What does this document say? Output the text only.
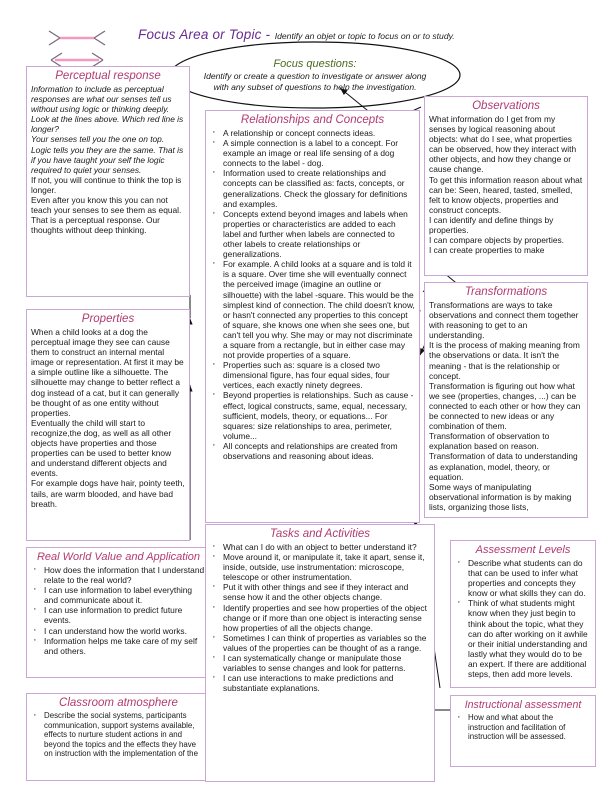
Focus Area or Topic - Identify an objet or topic to focus on or to study.
Focus questions:
Identify or create a question to investigate or answer along with any subset of questions to help the investigation.
Perceptual response

Information to include as perceptual responses are what our senses tell us without using logic or thinking deeply.

Look at the lines above. Which red line is longer?

Your senses tell you the one on top.

Logic tells you they are the same. That is if you have taught your self the logic required to quiet your senses.

If not, you will continue to think the top is longer.

Even after you know this you can not teach your senses to see them as equal. That is a perceptual response. Our thoughts without deep thinking.

Properties

When a child looks at a dog the perceptual image they see can cause them to construct an internal mental image or representation. At first it may be a simple outline like a silhouette. The silhouette may change to better reflect a dog instead of a cat, but it can generally be thought of as one entity without properties.

Eventually the child will start to recognize,the dog, as well as all other objects have properties and those properties can be used to better know and understand different objects and events.

For example dogs have hair, pointy teeth, tails, are warm blooded, and have bad breath.

Real World Value and Application
· How does the information that I understand relate to the real world?
· I can use information to label everything and communicate about it.
· I can use information to predict future events.
· I can understand how the world works.
· Information helps me take care of my self and others.
Classroom atmosphere
· Describe the social systems, participants communication, support systems available, effects to nurture student actions in and beyond the topics and the effects they have on instruction with the implementation of the
Relationships and Concepts
· A relationship or concept connects ideas.
· A simple connection is a label to a concept. For example an image or real life sensing of a dog connects to the label - dog.
· Information used to create relationships and concepts can be classified as: facts, concepts, or generalizations. Check the glossary for definitions and examples.
· Concepts extend beyond images and labels when properties or characteristics are added to each label and further when labels are connected to other labels to create relationships or generalizations.
· For example. A child looks at a square and is told it is a square. Over time she will eventually connect the perceived image (imagine an outline or silhouette) with the label -square. This would be the simplest kind of connection. The child doesn't know, or hasn't connected any properties to this concept of square, she knows one when she sees one, but can't tell you why. She may or may not discriminate a square from a rectangle, but in either case may not provide properties of a square.
· Properties such as: square is a closed two dimensional figure, has four equal sides, four vertices, each exactly ninety degrees.
· Beyond properties is relationships. Such as cause - effect, logical constructs, same, equal, necessary, sufficient, models, theory, or equations... For squares: size relationships to area, perimeter, volume...
· All concepts and relationships are created from observations and reasoning about ideas.
Tasks and Activities
· What can I do with an object to better understand it?
· Move around it, or manipulate it, take it apart, sense it, inside, outside, use instrumentation: microscope, telescope or other instrumentation.
· Put it with other things and see if they interact and sense how it and the other objects change.
· Identify properties and see how properties of the object change or if more than one object is interacting sense how properties of all the objects change.
· Sometimes I can think of properties as variables so the values of the properties can be thought of as a range.
· I can systematically change or manipulate those variables to sense changes and look for patterns.
· I can use interactions to make predictions and substantiate explanations.
Observations

What information do I get from my senses by logical reasoning about objects: what do I see, what properties can be observed, how they interact with other objects, and how they change or cause change.

To get this information reason about what can be: Seen, heared, tasted, smelled, felt to know objects, properties and construct concepts.

I can identify and define things by properties.

I can compare objects by properties.

I can create properties to make

Transformations

Transformations are ways to take observations and connect them together with reasoning to get to an understanding.

It is the process of making meaning from the observations or data. It isn't the meaning - that is the relationship or concept.

Transformation is figuring out how what we see (properties, changes, ...) can be connected to each other or how they can be connected to new ideas or any combination of them.

Transformation of observation to explanation based on reason.

Transformation of data to understanding as explanation, model, theory, or equation.

Some ways of manipulating observational information is by making lists, organizing those lists,

Assessment Levels
· Describe what students can do that can be used to infer what properties and concepts they know or what skills they can do.
· Think of what students might know when they just begin to think about the topic, what they can do after working on it awhile or their initial understanding and lastly what they would do to be an expert. If there are additional steps, then add more levels.
Instructional assessment
· How and what about the instruction and facilitation of instruction will be assessed.
